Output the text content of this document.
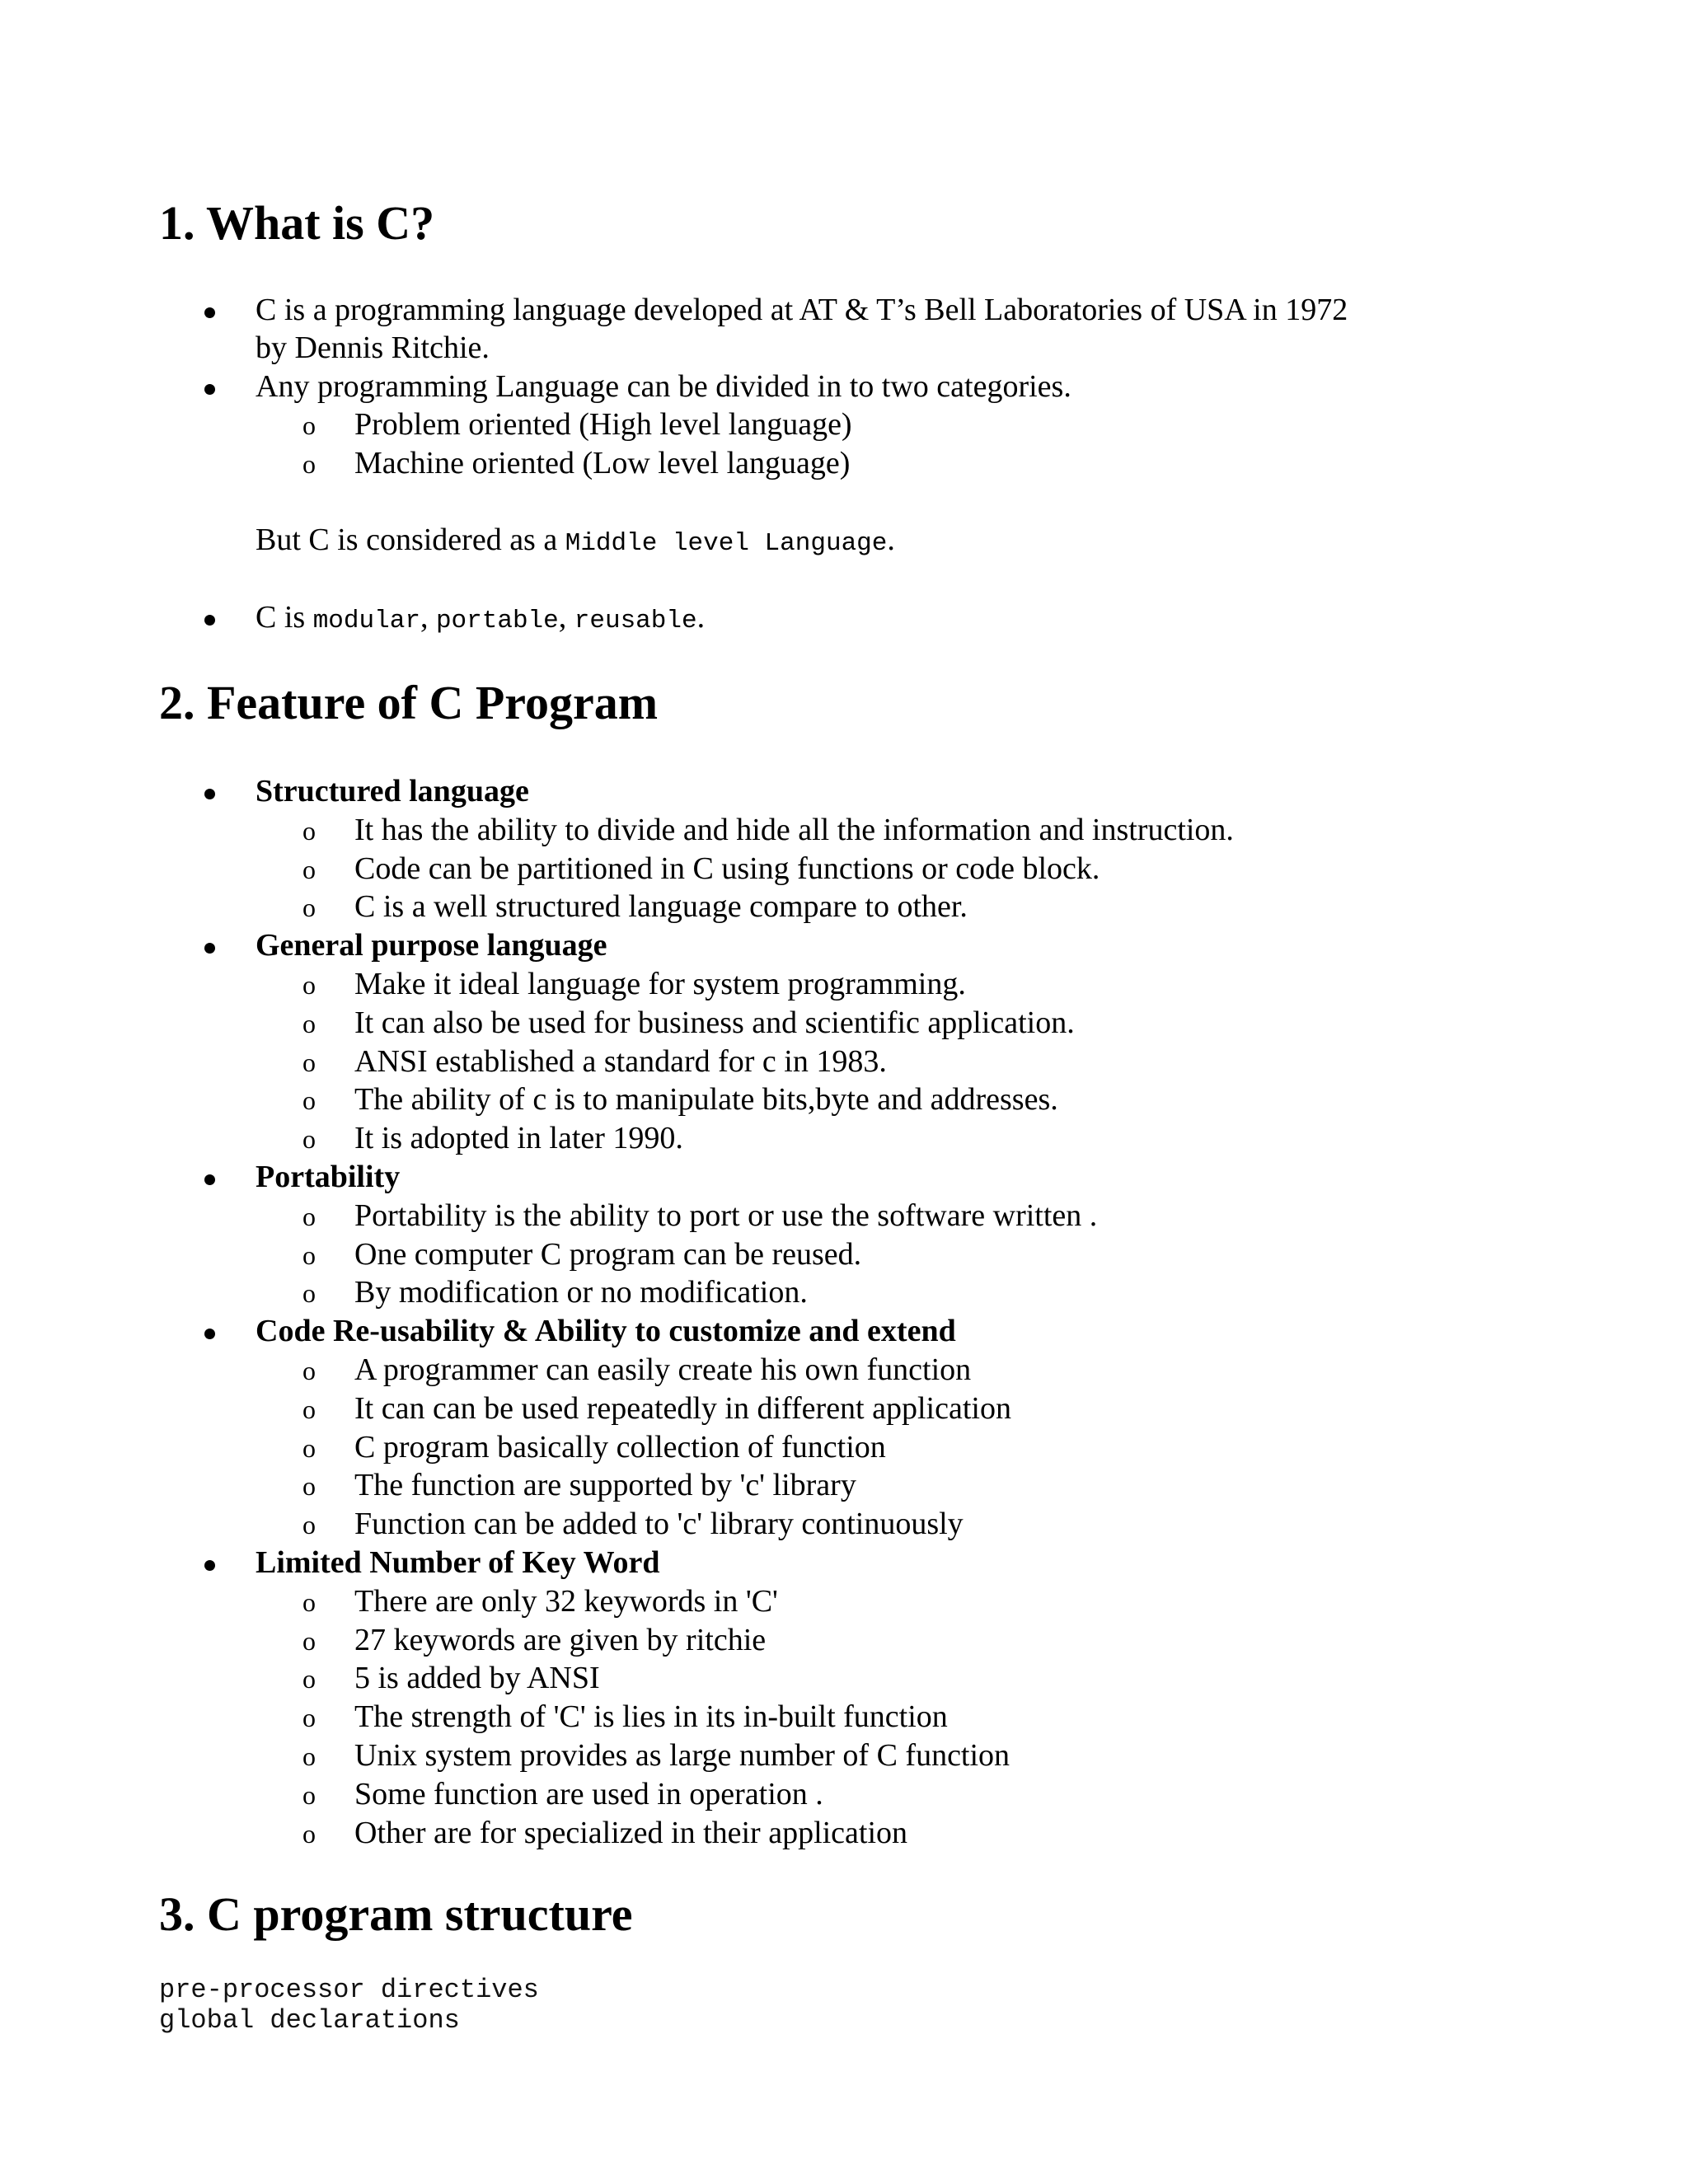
1. What is C?
C is a programming language developed at AT & T’s Bell Laboratories of USA in 1972
by Dennis Ritchie.
Any programming Language can be divided in to two categories.
o Problem oriented (High level language)
o Machine oriented (Low level language)
But C is considered as a Middle level Language.
C is modular, portable, reusable.
2. Feature of C Program
Structured language
o It has the ability to divide and hide all the information and instruction.
o Code can be partitioned in C using functions or code block.
o C is a well structured language compare to other.
General purpose language
o Make it ideal language for system programming.
o It can also be used for business and scientific application.
o ANSI established a standard for c in 1983.
o The ability of c is to manipulate bits,byte and addresses.
o It is adopted in later 1990.
Portability
o Portability is the ability to port or use the software written .
o One computer C program can be reused.
o By modification or no modification.
Code Re-usability & Ability to customize and extend
o A programmer can easily create his own function
o It can can be used repeatedly in different application
o C program basically collection of function
o The function are supported by 'c' library
o Function can be added to 'c' library continuously
Limited Number of Key Word
o There are only 32 keywords in 'C'
o 27 keywords are given by ritchie
o 5 is added by ANSI
o The strength of 'C' is lies in its in-built function
o Unix system provides as large number of C function
o Some function are used in operation .
o Other are for specialized in their application
3. C program structure
pre-processor directives
global declarations
